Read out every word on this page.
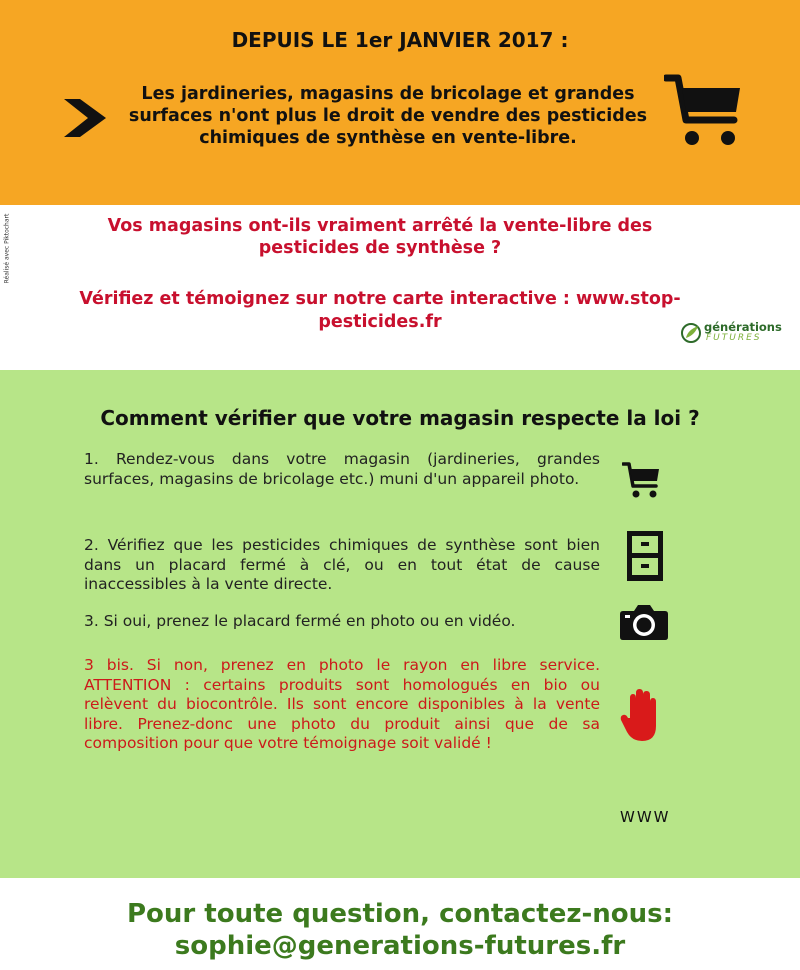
DEPUIS LE 1er JANVIER 2017 :
Les jardineries, magasins de bricolage et grandes surfaces n'ont plus le droit de vendre des pesticides chimiques de synthèse en vente-libre.
Réalisé avec Piktochart	Vos magasins ont-ils vraiment arrêté la vente-libre des pesticides de synthèse ?
Vérifiez et témoignez sur notre carte interactive : www.stop-pesticides.fr	générations
FUTURES
Comment vérifier que votre magasin respecte la loi ?
1. Rendez-vous dans votre magasin (jardineries, grandes surfaces, magasins de bricolage etc.) muni d'un appareil photo.
2. Vérifiez que les pesticides chimiques de synthèse sont bien dans un placard fermé à clé, ou en tout état de cause inaccessibles à la vente directe.
3. Si oui, prenez le placard fermé en photo ou en vidéo.
3 bis. Si non, prenez en photo le rayon en libre service. ATTENTION : certains produits sont homologués en bio ou relèvent du biocontrôle. Ils sont encore disponibles à la vente libre. Prenez-donc une photo du produit ainsi que de sa composition pour que votre témoignage soit validé !
WWW
Pour toute question, contactez-nous:
sophie@generations-futures.fr
